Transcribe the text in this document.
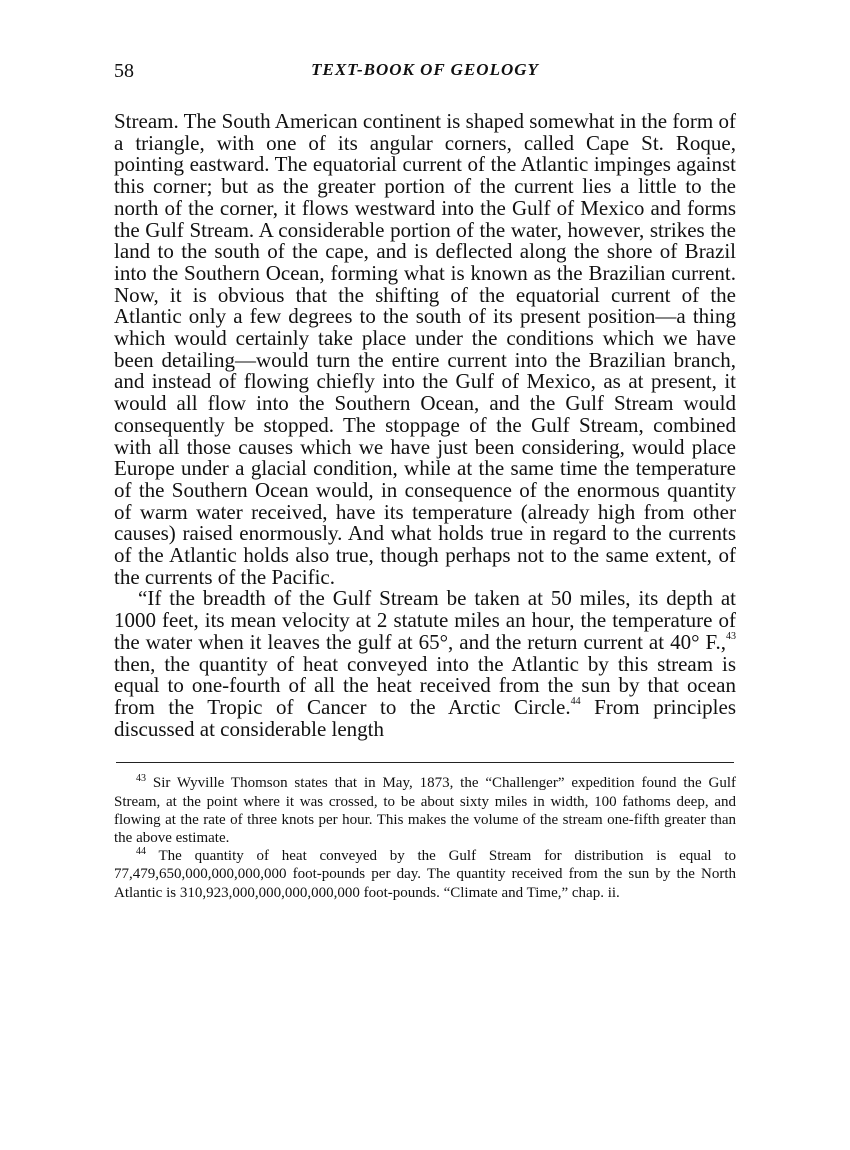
58	TEXT-BOOK OF GEOLOGY

Stream. The South American continent is shaped somewhat in the form of a triangle, with one of its angular corners, called Cape St. Roque, pointing eastward. The equatorial current of the Atlantic impinges against this corner; but as the greater portion of the current lies a little to the north of the corner, it flows westward into the Gulf of Mexico and forms the Gulf Stream. A considerable portion of the water, however, strikes the land to the south of the cape, and is deflected along the shore of Brazil into the Southern Ocean, forming what is known as the Brazilian current. Now, it is obvious that the shifting of the equatorial current of the Atlantic only a few degrees to the south of its present position—a thing which would certainly take place under the conditions which we have been detailing—would turn the entire current into the Brazilian branch, and instead of flowing chiefly into the Gulf of Mexico, as at present, it would all flow into the Southern Ocean, and the Gulf Stream would consequently be stopped. The stoppage of the Gulf Stream, combined with all those causes which we have just been considering, would place Europe under a glacial condition, while at the same time the temperature of the Southern Ocean would, in consequence of the enormous quantity of warm water received, have its temperature (already high from other causes) raised enormously. And what holds true in regard to the currents of the Atlantic holds also true, though perhaps not to the same extent, of the currents of the Pacific.

“If the breadth of the Gulf Stream be taken at 50 miles, its depth at 1000 feet, its mean velocity at 2 statute miles an hour, the temperature of the water when it leaves the gulf at 65°, and the return current at 40° F.,$^{43}$ then, the quantity of heat conveyed into the Atlantic by this stream is equal to one-fourth of all the heat received from the sun by that ocean from the Tropic of Cancer to the Arctic Circle.$^{44}$ From principles discussed at considerable length

$^{43}$ Sir Wyville Thomson states that in May, 1873, the “Challenger” expedition found the Gulf Stream, at the point where it was crossed, to be about sixty miles in width, 100 fathoms deep, and flowing at the rate of three knots per hour. This makes the volume of the stream one-fifth greater than the above estimate.

$^{44}$ The quantity of heat conveyed by the Gulf Stream for distribution is equal to 77,479,650,000,000,000,000 foot-pounds per day. The quantity received from the sun by the North Atlantic is 310,923,000,000,000,000,000 foot-pounds. “Climate and Time,” chap. ii.
